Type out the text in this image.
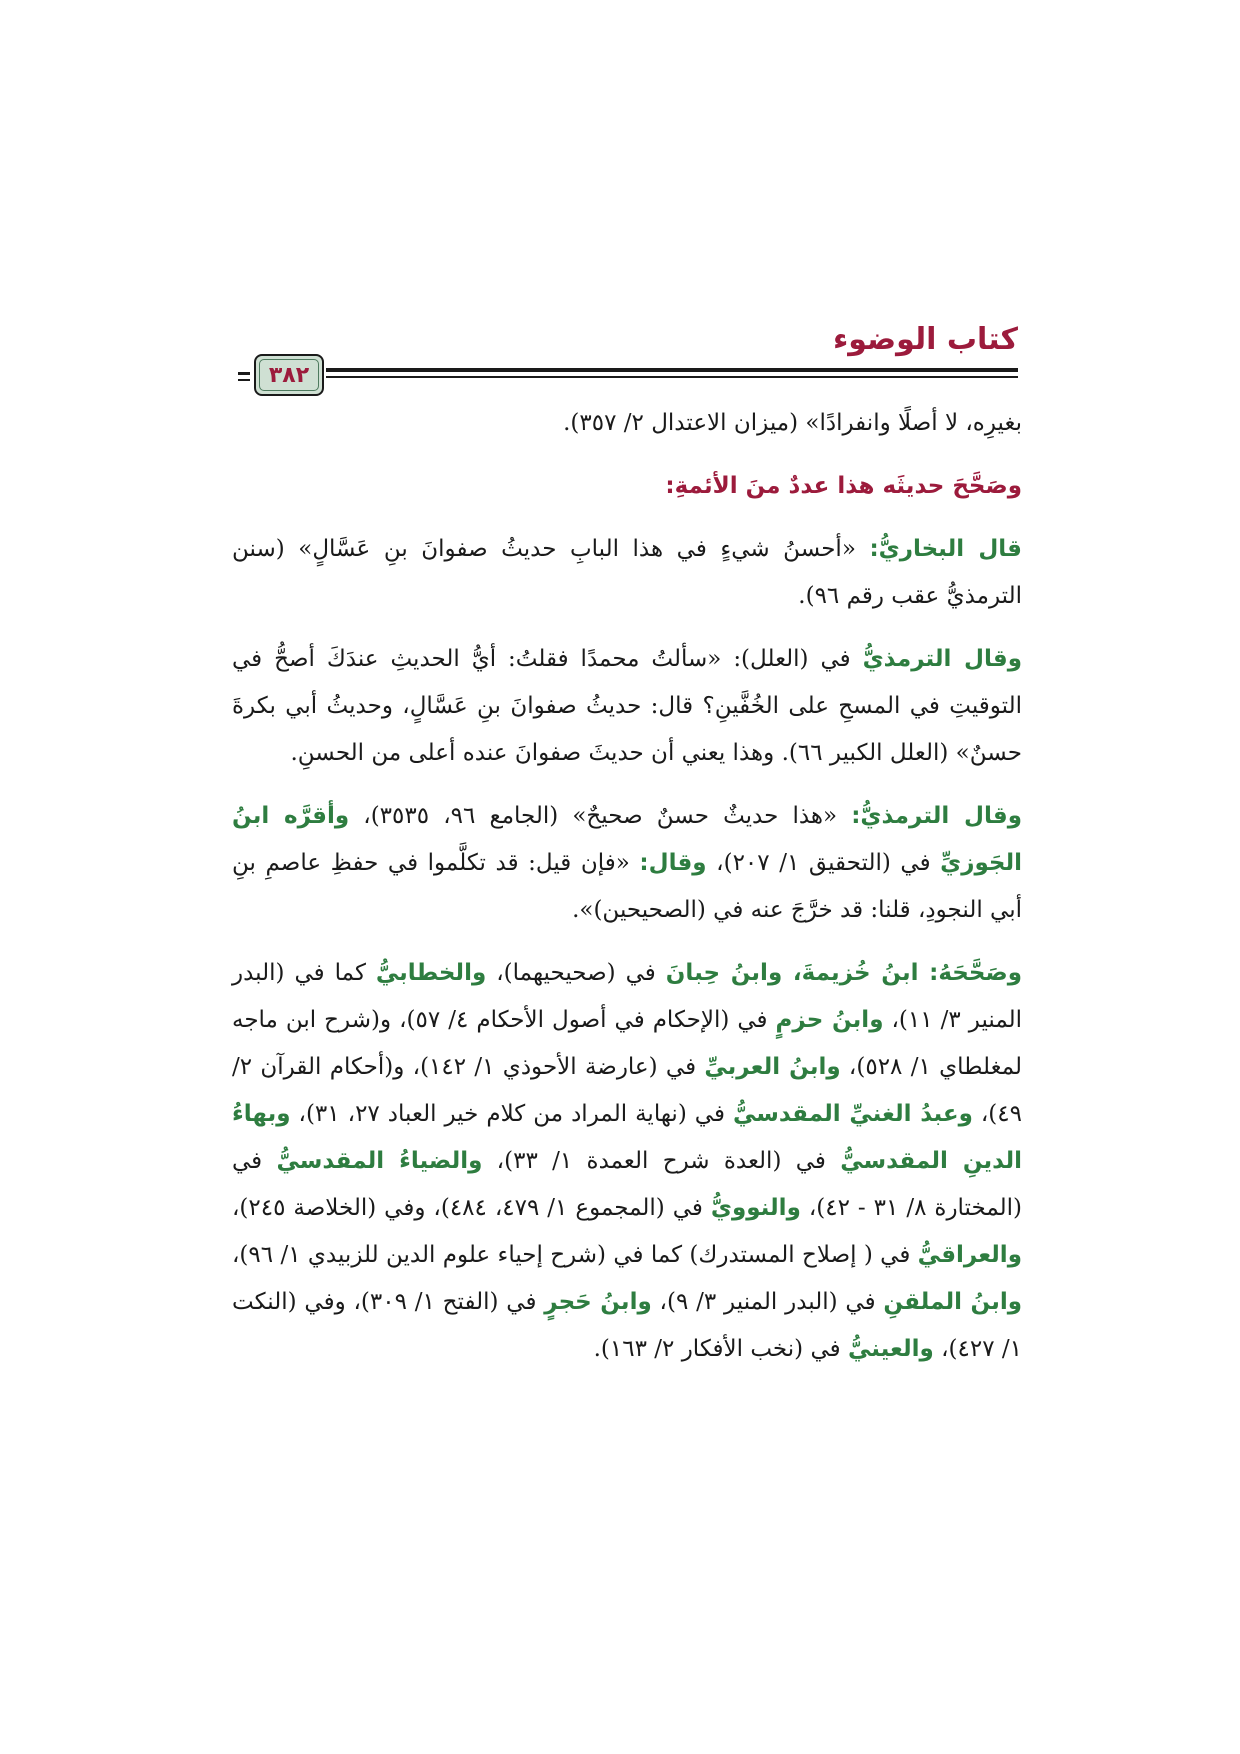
كتاب الوضوء
٣٨٢

بغيرِه، لا أصلًا وانفرادًا» (ميزان الاعتدال ٢/ ٣٥٧).

وصَحَّحَ حديثَه هذا عددٌ منَ الأئمةِ:

قال البخاريُّ: «أحسنُ شيءٍ في هذا البابِ حديثُ صفوانَ بنِ عَسَّالٍ» (سنن الترمذيُّ عقب رقم ٩٦).

وقال الترمذيُّ في (العلل): «سألتُ محمدًا فقلتُ: أيُّ الحديثِ عندَكَ أصحُّ في التوقيتِ في المسحِ على الخُفَّينِ؟ قال: حديثُ صفوانَ بنِ عَسَّالٍ، وحديثُ أبي بكرةَ حسنٌ» (العلل الكبير ٦٦). وهذا يعني أن حديثَ صفوانَ عنده أعلى من الحسنِ.

وقال الترمذيُّ: «هذا حديثٌ حسنٌ صحيحٌ» (الجامع ٩٦، ٣٥٣٥)، وأقرَّه ابنُ الجَوزيِّ في (التحقيق ١/ ٢٠٧)، وقال: «فإن قيل: قد تكلَّموا في حفظِ عاصمِ بنِ أبي النجودِ، قلنا: قد خرَّجَ عنه في (الصحيحين)».

وصَحَّحَهُ: ابنُ خُزيمةَ، وابنُ حِبانَ في (صحيحيهما)، والخطابيُّ كما في (البدر المنير ٣/ ١١)، وابنُ حزمٍ في (الإحكام في أصول الأحكام ٤/ ٥٧)، و(شرح ابن ماجه لمغلطاي ١/ ٥٢٨)، وابنُ العربيِّ في (عارضة الأحوذي ١/ ١٤٢)، و(أحكام القرآن ٢/ ٤٩)، وعبدُ الغنيِّ المقدسيُّ في (نهاية المراد من كلام خير العباد ٢٧، ٣١)، وبهاءُ الدينِ المقدسيُّ في (العدة شرح العمدة ١/ ٣٣)، والضياءُ المقدسيُّ في (المختارة ٨/ ٣١ - ٤٢)، والنوويُّ في (المجموع ١/ ٤٧٩، ٤٨٤)، وفي (الخلاصة ٢٤٥)، والعراقيُّ في ( إصلاح المستدرك) كما في (شرح إحياء علوم الدين للزبيدي ١/ ٩٦)، وابنُ الملقنِ في (البدر المنير ٣/ ٩)، وابنُ حَجرٍ في (الفتح ١/ ٣٠٩)، وفي (النكت ١/ ٤٢٧)، والعينيُّ في (نخب الأفكار ٢/ ١٦٣).
